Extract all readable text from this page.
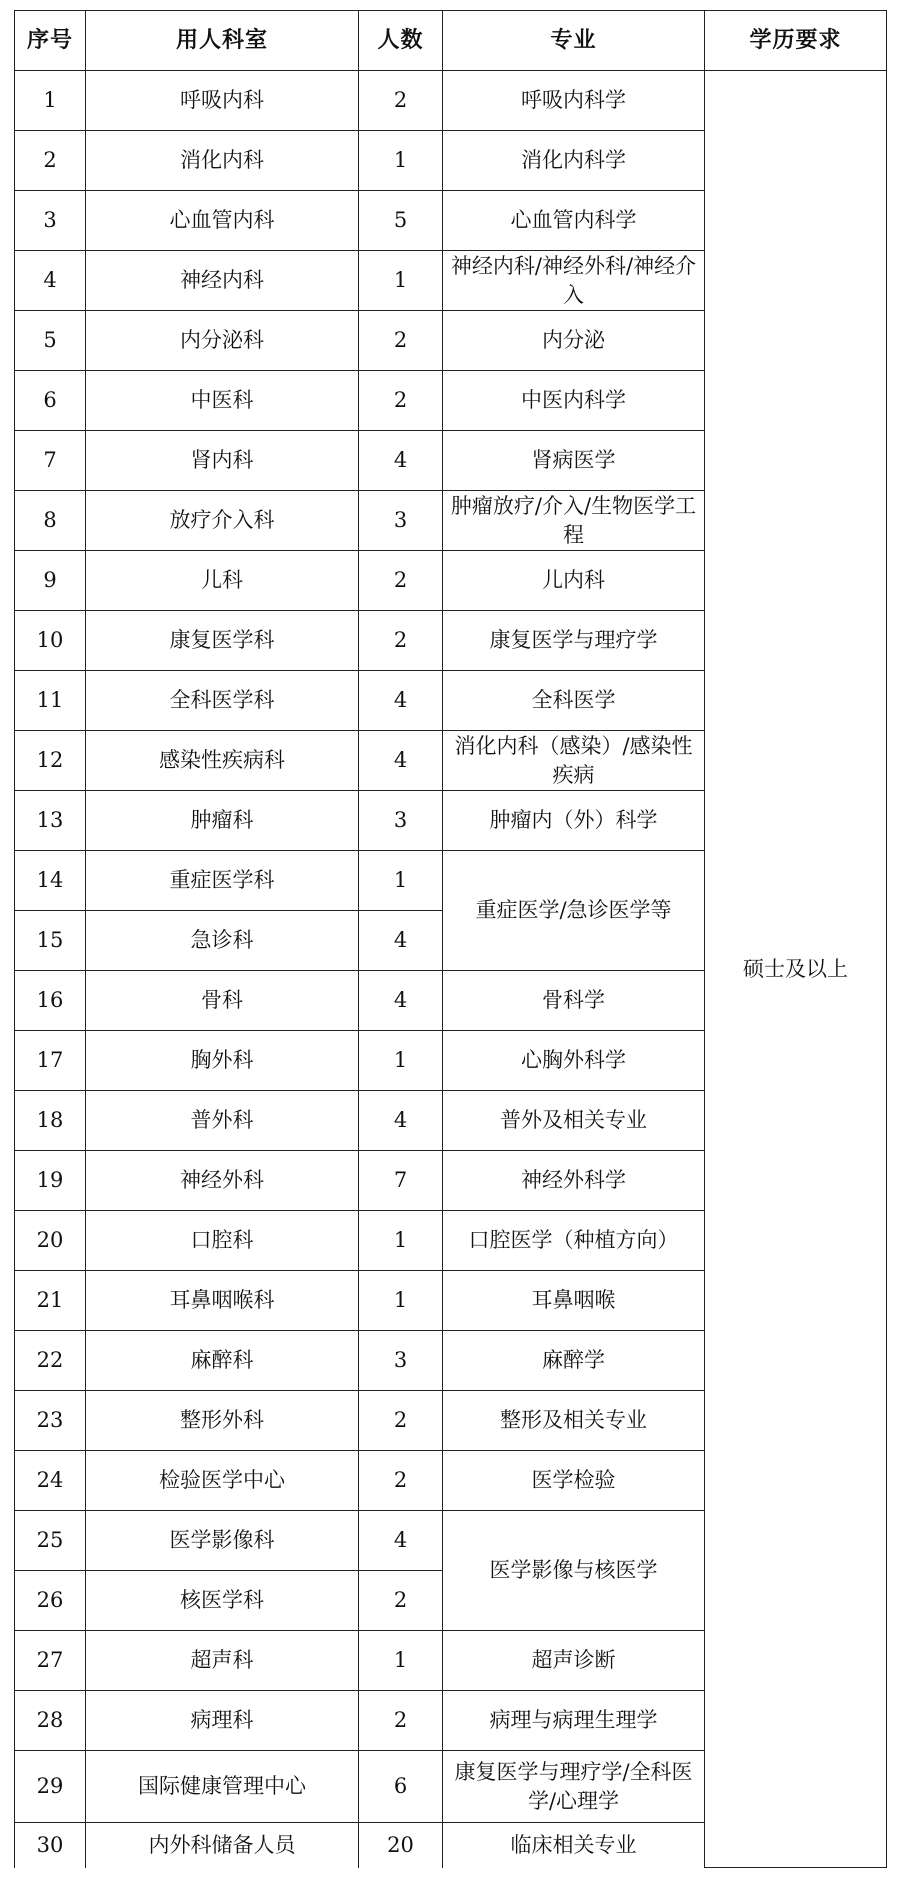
序号	用人科室	人数	专业	学历要求
1	呼吸内科	2	呼吸内科学	硕士及以上
2	消化内科	1	消化内科学	
3	心血管内科	5	心血管内科学	
4	神经内科	1	神经内科/神经外科/神经介入	
5	内分泌科	2	内分泌	
6	中医科	2	中医内科学	
7	肾内科	4	肾病医学	
8	放疗介入科	3	肿瘤放疗/介入/生物医学工程	
9	儿科	2	儿内科	
10	康复医学科	2	康复医学与理疗学	
11	全科医学科	4	全科医学	
12	感染性疾病科	4	消化内科（感染）/感染性疾病	
13	肿瘤科	3	肿瘤内（外）科学	
14	重症医学科	1	重症医学/急诊医学等	
15	急诊科	4		
16	骨科	4	骨科学	
17	胸外科	1	心胸外科学	
18	普外科	4	普外及相关专业	
19	神经外科	7	神经外科学	
20	口腔科	1	口腔医学（种植方向）	
21	耳鼻咽喉科	1	耳鼻咽喉	
22	麻醉科	3	麻醉学	
23	整形外科	2	整形及相关专业	
24	检验医学中心	2	医学检验	
25	医学影像科	4	医学影像与核医学	
26	核医学科	2		
27	超声科	1	超声诊断	
28	病理科	2	病理与病理生理学	
29	国际健康管理中心	6	康复医学与理疗学/全科医学/心理学	
30	内外科储备人员	20	临床相关专业	
